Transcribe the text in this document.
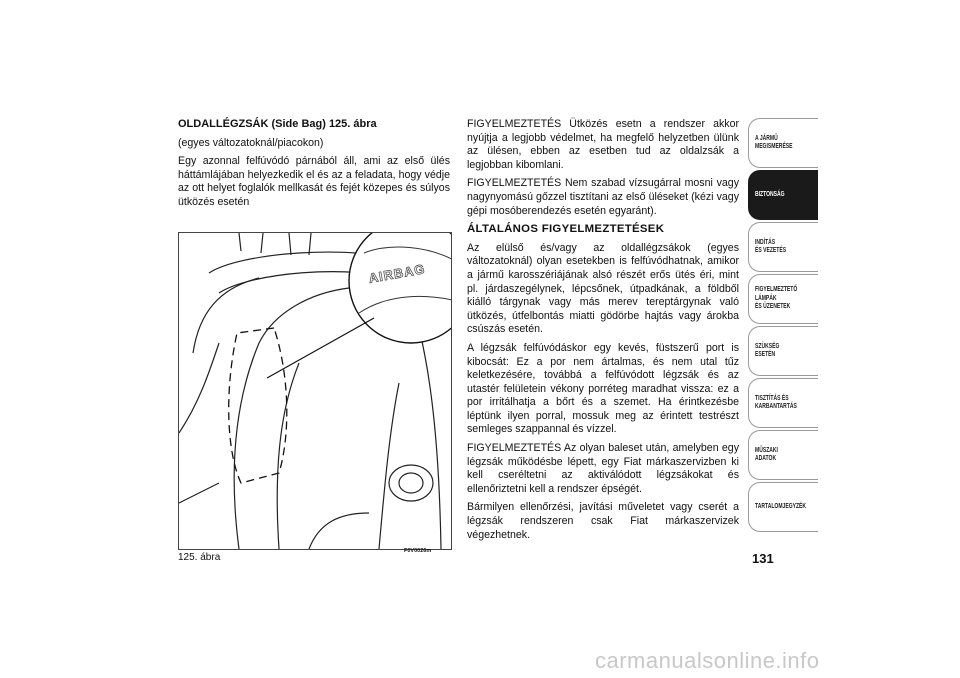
OLDALLÉGZSÁK (Side Bag) 125. ábra

(egyes változatoknál/piacokon)

Egy azonnal felfúvódó párnából áll, ami az első ülés háttámlájában helyezkedik el és az a feladata, hogy védje az ott helyet foglalók mellkasát és fejét közepes és súlyos ütközés esetén

AIRBAG
125. ábra
F0V0026m

FIGYELMEZTETÉS Ütközés esetn a rendszer akkor nyújtja a legjobb védelmet, ha megfelő helyzetben ülünk az ülésen, ebben az esetben tud az oldalzsák a legjobban kibomlani.

FIGYELMEZTETÉS Nem szabad vízsugárral mosni vagy nagynyomású gőzzel tisztítani az első üléseket (kézi vagy gépi mosóberendezés esetén egyaránt).

ÁLTALÁNOS FIGYELMEZTETÉSEK

Az elülső és/vagy az oldallégzsákok (egyes változatoknál) olyan esetekben is felfúvódhatnak, amikor a jármű karosszériájának alsó részét erős ütés éri, mint pl. járdaszegélynek, lépcsőnek, útpadkának, a földből kiálló tárgynak vagy más merev tereptárgynak való ütközés, útfelbontás miatti gödörbe hajtás vagy árokba csúszás esetén.

A légzsák felfúvódáskor egy kevés, füstszerű port is kibocsát: Ez a por nem ártalmas, és nem utal tűz keletkezésére, továbbá a felfúvódott légzsák és az utastér felületein vékony porréteg maradhat vissza: ez a por irritálhatja a bőrt és a szemet. Ha érintkezésbe léptünk ilyen porral, mossuk meg az érintett testrészt semleges szappannal és vízzel.

FIGYELMEZTETÉS Az olyan baleset után, amelyben egy légzsák működésbe lépett, egy Fiat márkaszervizben ki kell cseréltetni az aktiválódott légzsákokat és ellenőriztetni kell a rendszer épségét.

Bármilyen ellenőrzési, javítási műveletet vagy cserét a légzsák rendszeren csak Fiat márkaszervizek végezhetnek.

A JÁRMŰ
MEGISMERÉSE
BIZTONSÁG
INDÍTÁS
ÉS VEZETÉS
FIGYELMEZTETŐ
LÁMPÁK
ÉS ÜZENETEK
SZÜKSÉG
ESETÉN
TISZTÍTÁS ÉS
KARBANTARTÁS
MŰSZAKI
ADATOK
TARTALOMJEGYZÉK
131
carmanualsonline.info
